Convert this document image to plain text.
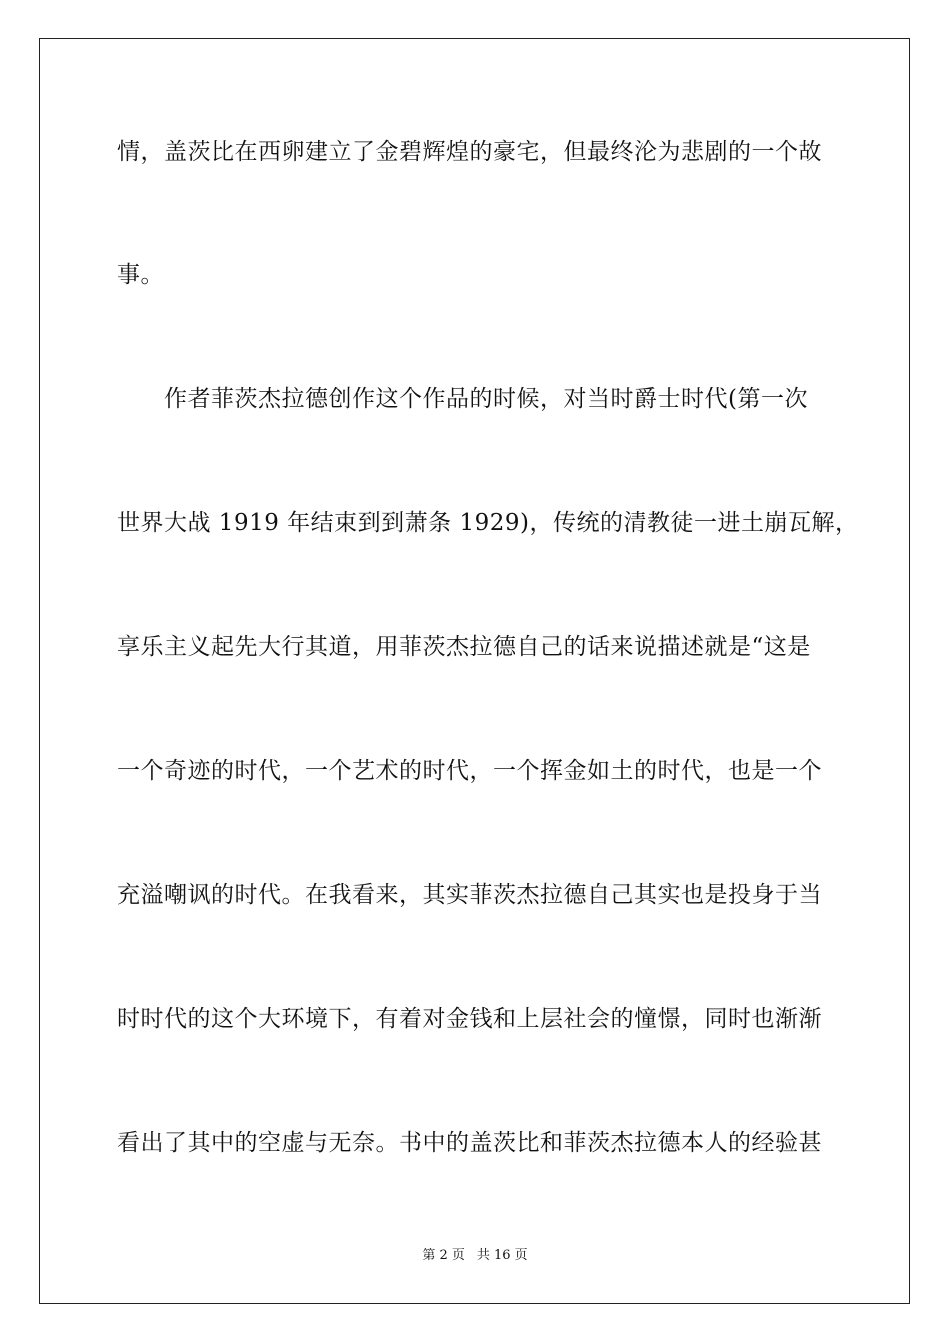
情，盖茨比在西卵建立了金碧辉煌的豪宅，但最终沦为悲剧的一个故
事。
作者菲茨杰拉德创作这个作品的时候，对当时爵士时代(第一次
世界大战 1919 年结束到到萧条 1929)，传统的清教徒一进土崩瓦解，
享乐主义起先大行其道，用菲茨杰拉德自己的话来说描述就是“这是
一个奇迹的时代，一个艺术的时代，一个挥金如土的时代，也是一个
充溢嘲讽的时代。在我看来，其实菲茨杰拉德自己其实也是投身于当
时时代的这个大环境下，有着对金钱和上层社会的憧憬，同时也渐渐
看出了其中的空虚与无奈。书中的盖茨比和菲茨杰拉德本人的经验甚
第 2 页 共 16 页
